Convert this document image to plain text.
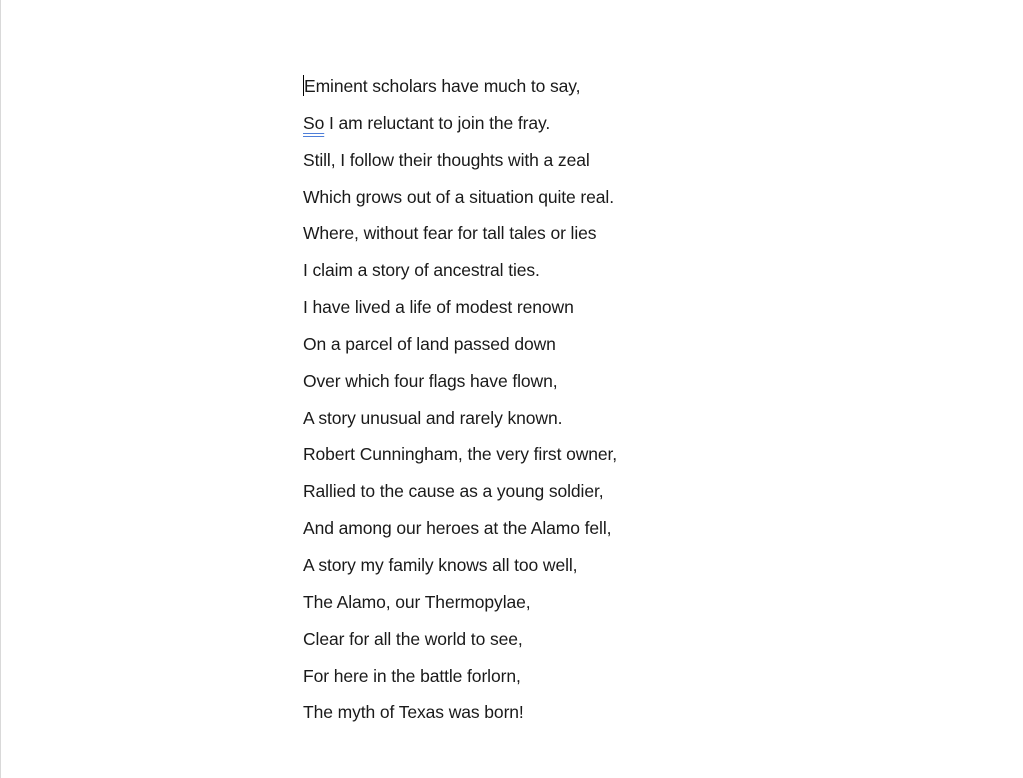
Eminent scholars have much to say,
So I am reluctant to join the fray.
Still, I follow their thoughts with a zeal
Which grows out of a situation quite real.
Where, without fear for tall tales or lies
I claim a story of ancestral ties.
I have lived a life of modest renown
On a parcel of land passed down
Over which four flags have flown,
A story unusual and rarely known.
Robert Cunningham, the very first owner,
Rallied to the cause as a young soldier,
And among our heroes at the Alamo fell,
A story my family knows all too well,
The Alamo, our Thermopylae,
Clear for all the world to see,
For here in the battle forlorn,
The myth of Texas was born!
